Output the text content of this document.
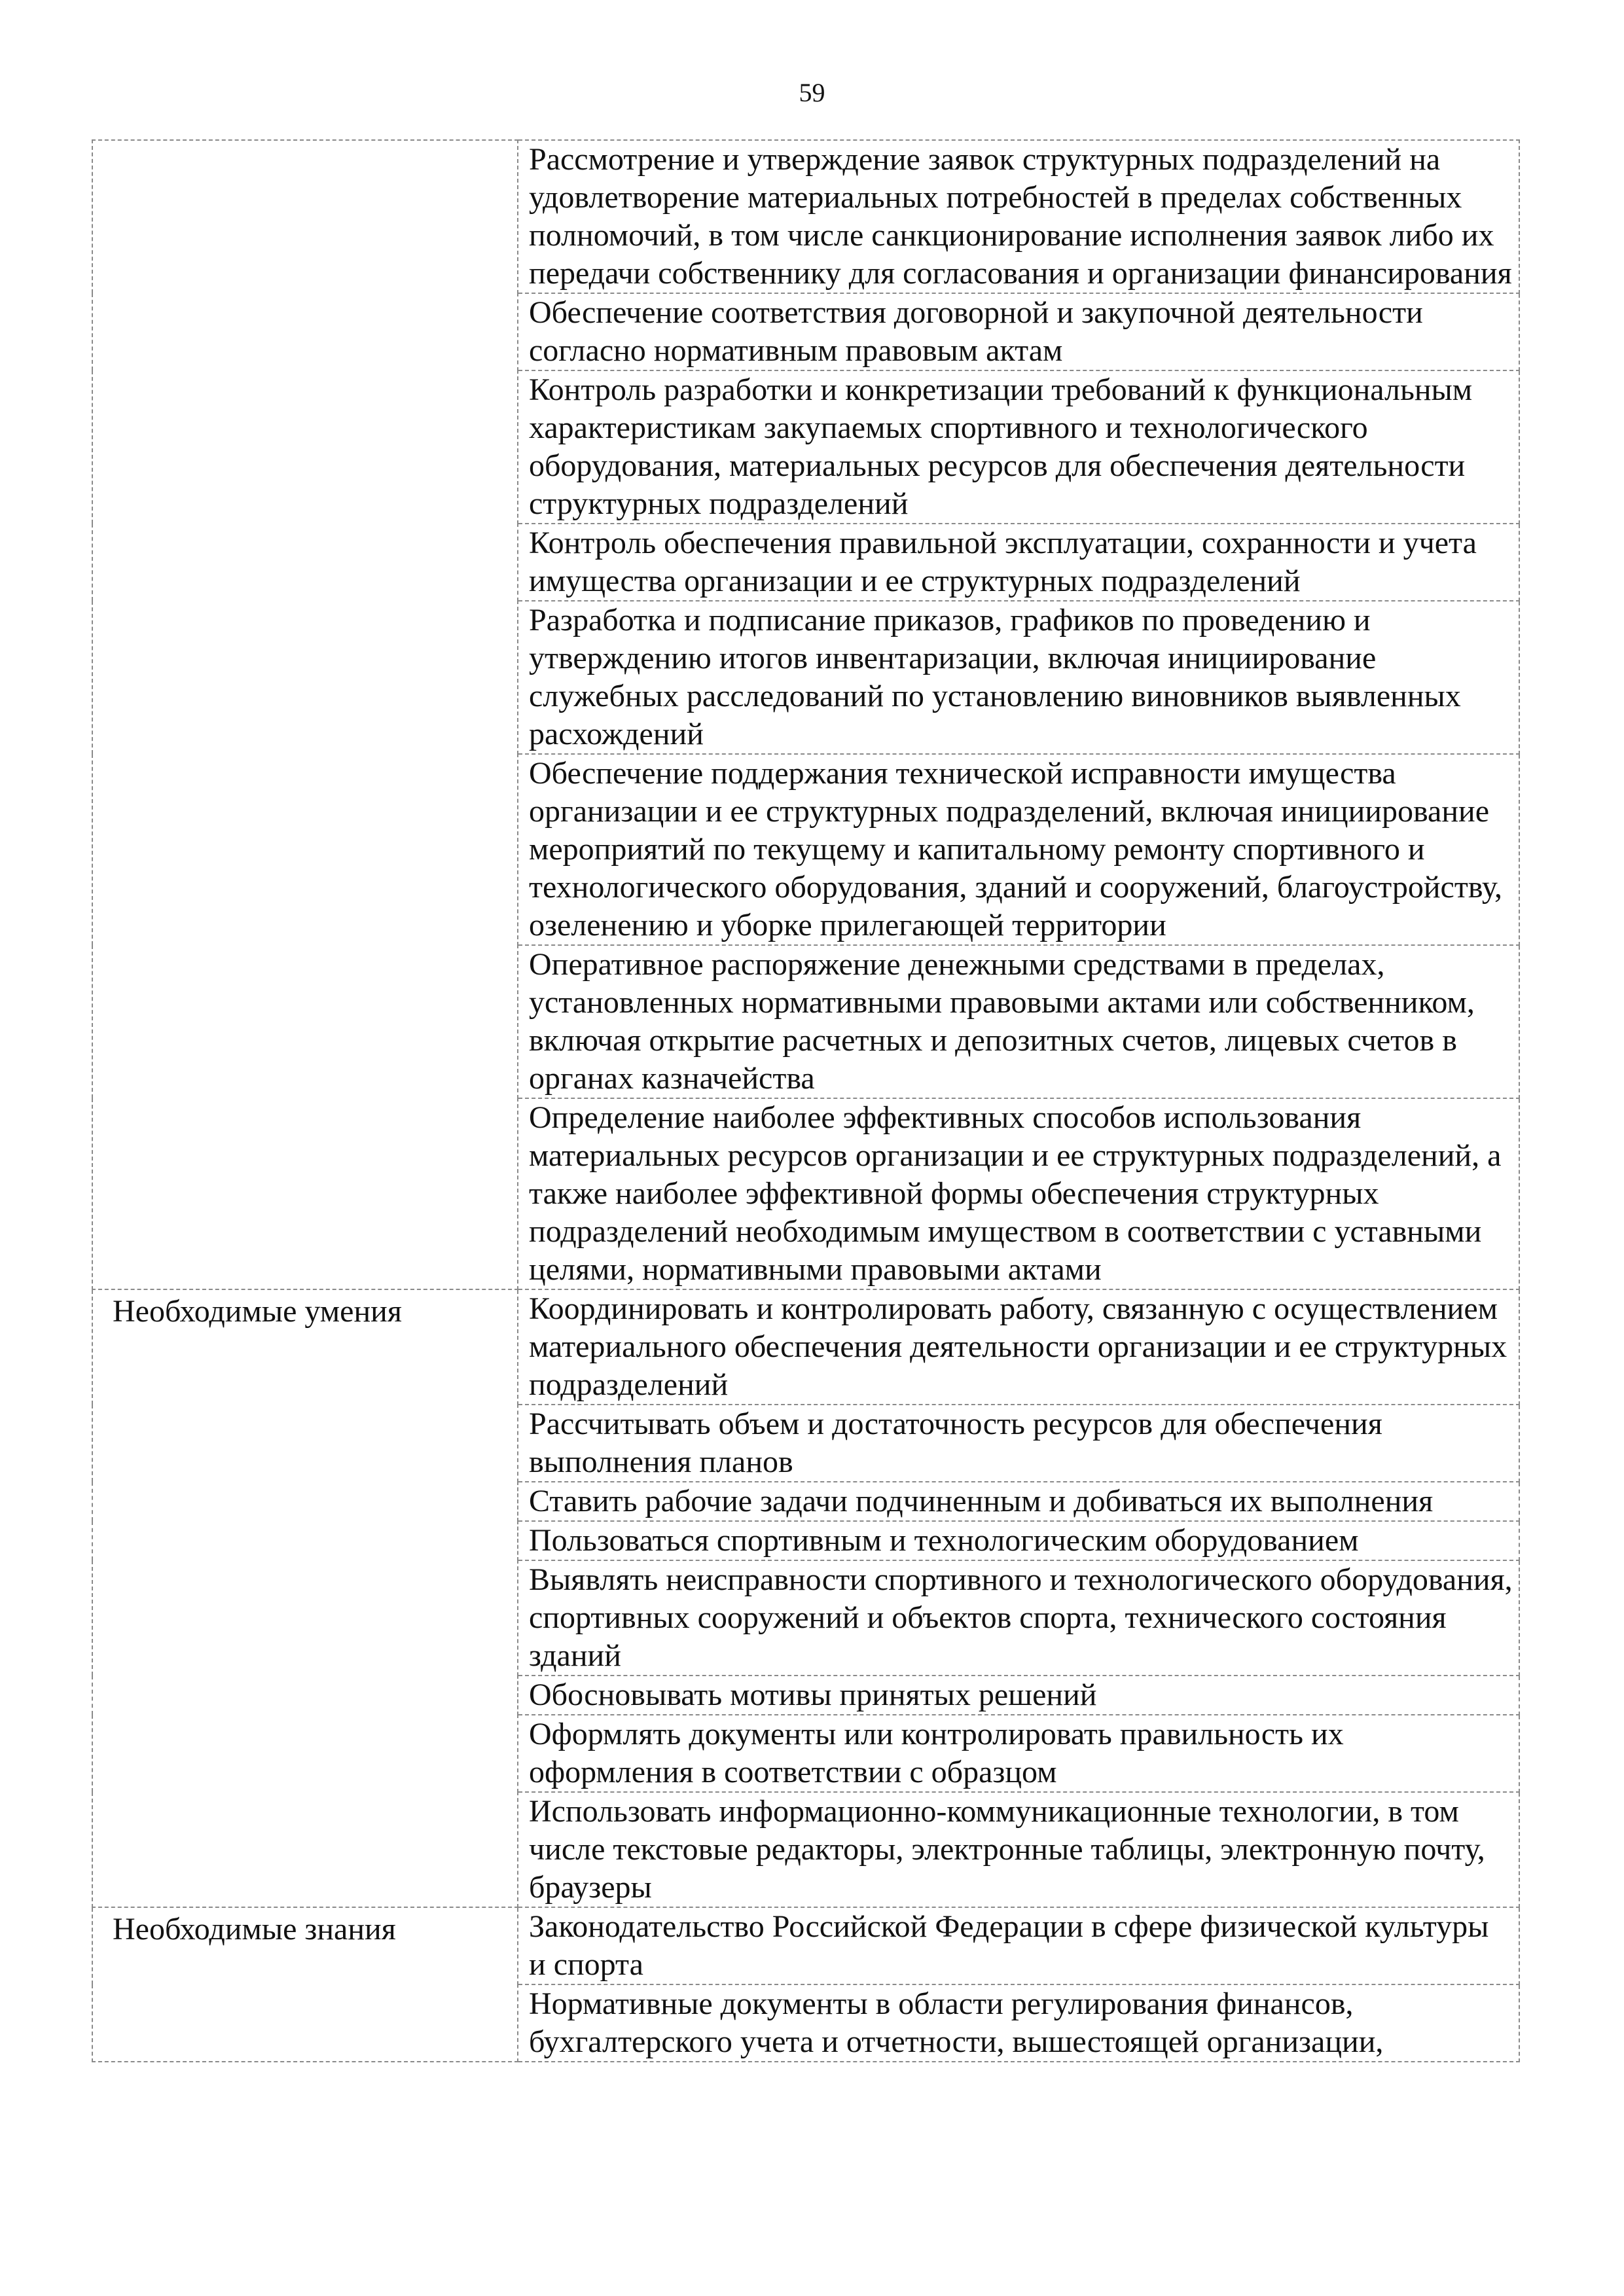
59
	Рассмотрение и утверждение заявок структурных подразделений на удовлетворение материальных потребностей в пределах собственных полномочий, в том числе санкционирование исполнения заявок либо их передачи собственнику для согласования и организации финансирования
	Обеспечение соответствия договорной и закупочной деятельности согласно нормативным правовым актам
	Контроль разработки и конкретизации требований к функциональным характеристикам закупаемых спортивного и технологического оборудования, материальных ресурсов для обеспечения деятельности структурных подразделений
	Контроль обеспечения правильной эксплуатации, сохранности и учета имущества организации и ее структурных подразделений
	Разработка и подписание приказов, графиков по проведению и утверждению итогов инвентаризации, включая инициирование служебных расследований по установлению виновников выявленных расхождений
	Обеспечение поддержания технической исправности имущества организации и ее структурных подразделений, включая инициирование мероприятий по текущему и капитальному ремонту спортивного и технологического оборудования, зданий и сооружений, благоустройству, озеленению и уборке прилегающей территории
	Оперативное распоряжение денежными средствами в пределах, установленных нормативными правовыми актами или собственником, включая открытие расчетных и депозитных счетов, лицевых счетов в органах казначейства
	Определение наиболее эффективных способов использования материальных ресурсов организации и ее структурных подразделений, а также наиболее эффективной формы обеспечения структурных подразделений необходимым имуществом в соответствии с уставными целями, нормативными правовыми актами
Необходимые умения	Координировать и контролировать работу, связанную с осуществлением материального обеспечения деятельности организации и ее структурных подразделений
	Рассчитывать объем и достаточность ресурсов для обеспечения выполнения планов
	Ставить рабочие задачи подчиненным и добиваться их выполнения
	Пользоваться спортивным и технологическим оборудованием
	Выявлять неисправности спортивного и технологического оборудования, спортивных сооружений и объектов спорта, технического состояния зданий
	Обосновывать мотивы принятых решений
	Оформлять документы или контролировать правильность их оформления в соответствии с образцом
	Использовать информационно-коммуникационные технологии, в том числе текстовые редакторы, электронные таблицы, электронную почту, браузеры
Необходимые знания	Законодательство Российской Федерации в сфере физической культуры и спорта
	Нормативные документы в области регулирования финансов, бухгалтерского учета и отчетности, вышестоящей организации,
